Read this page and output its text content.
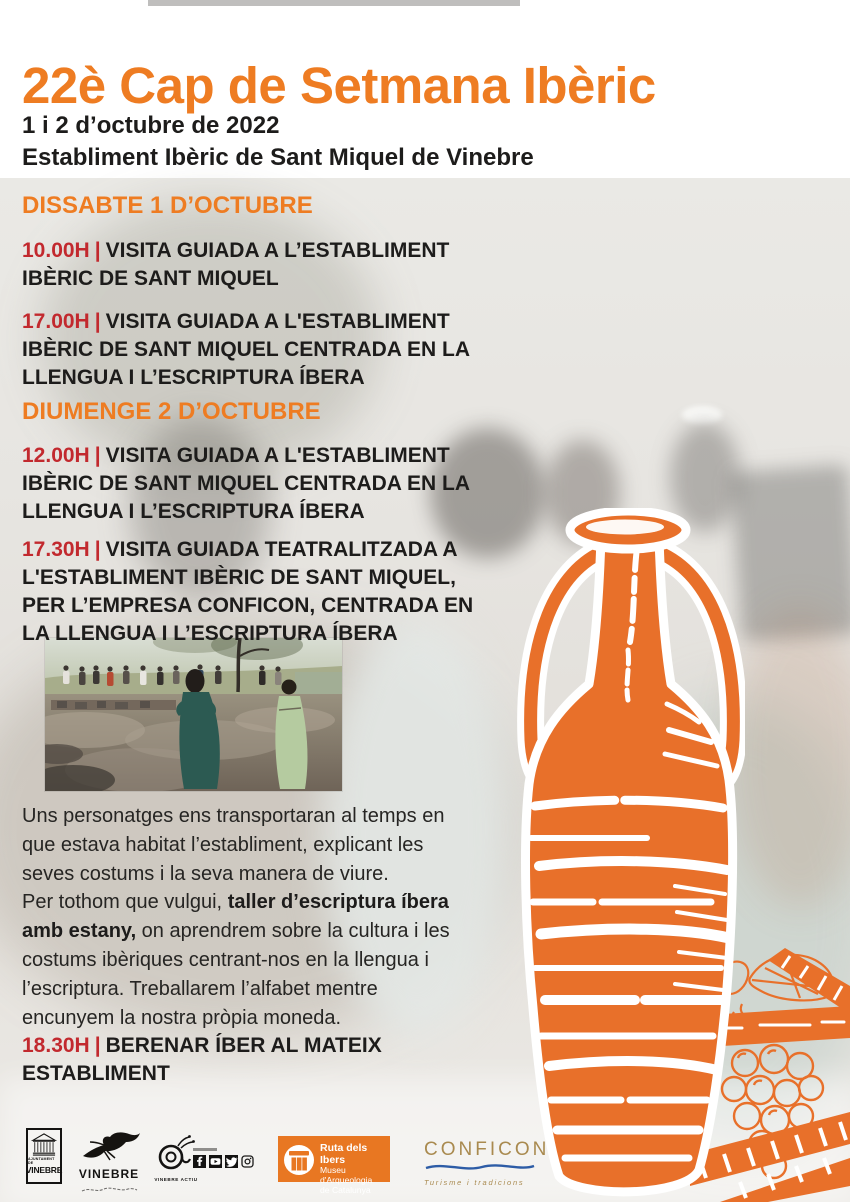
22è Cap de Setmana Ibèric
1 i 2 d’octubre de 2022
Establiment Ibèric de Sant Miquel de Vinebre
DISSABTE 1 D’OCTUBRE

10.00H | VISITA GUIADA A L’ESTABLIMENT IBÈRIC DE SANT MIQUEL

17.00H | VISITA GUIADA A L'ESTABLIMENT IBÈRIC DE SANT MIQUEL CENTRADA EN LA LLENGUA I L’ESCRIPTURA ÍBERA

DIUMENGE 2 D’OCTUBRE

12.00H | VISITA GUIADA A L'ESTABLIMENT IBÈRIC DE SANT MIQUEL CENTRADA EN LA LLENGUA I L’ESCRIPTURA ÍBERA

17.30H | VISITA GUIADA TEATRALITZADA A L'ESTABLIMENT IBÈRIC DE SANT MIQUEL, PER L’EMPRESA CONFICON, CENTRADA EN LA LLENGUA I L’ESCRIPTURA ÍBERA

Uns personatges ens transportaran al temps en que estava habitat l’establiment, explicant les seves costums i la seva manera de viure.

Per tothom que vulgui, taller d’escriptura íbera amb estany, on aprendrem sobre la cultura i les costums ibèriques centrant-nos en la llengua i l’escriptura. Treballarem l’alfabet mentre encunyem la nostra pròpia moneda.

18.30H | BERENAR ÍBER AL MATEIX ESTABLIMENT

AJUNTAMENT DE
VINEBRE	VINEBRE	VINEBRE ACTIU
Ruta dels Ibers
Museu d'Arqueologia
de Catalunya
CONFICON
Turisme i tradicions
